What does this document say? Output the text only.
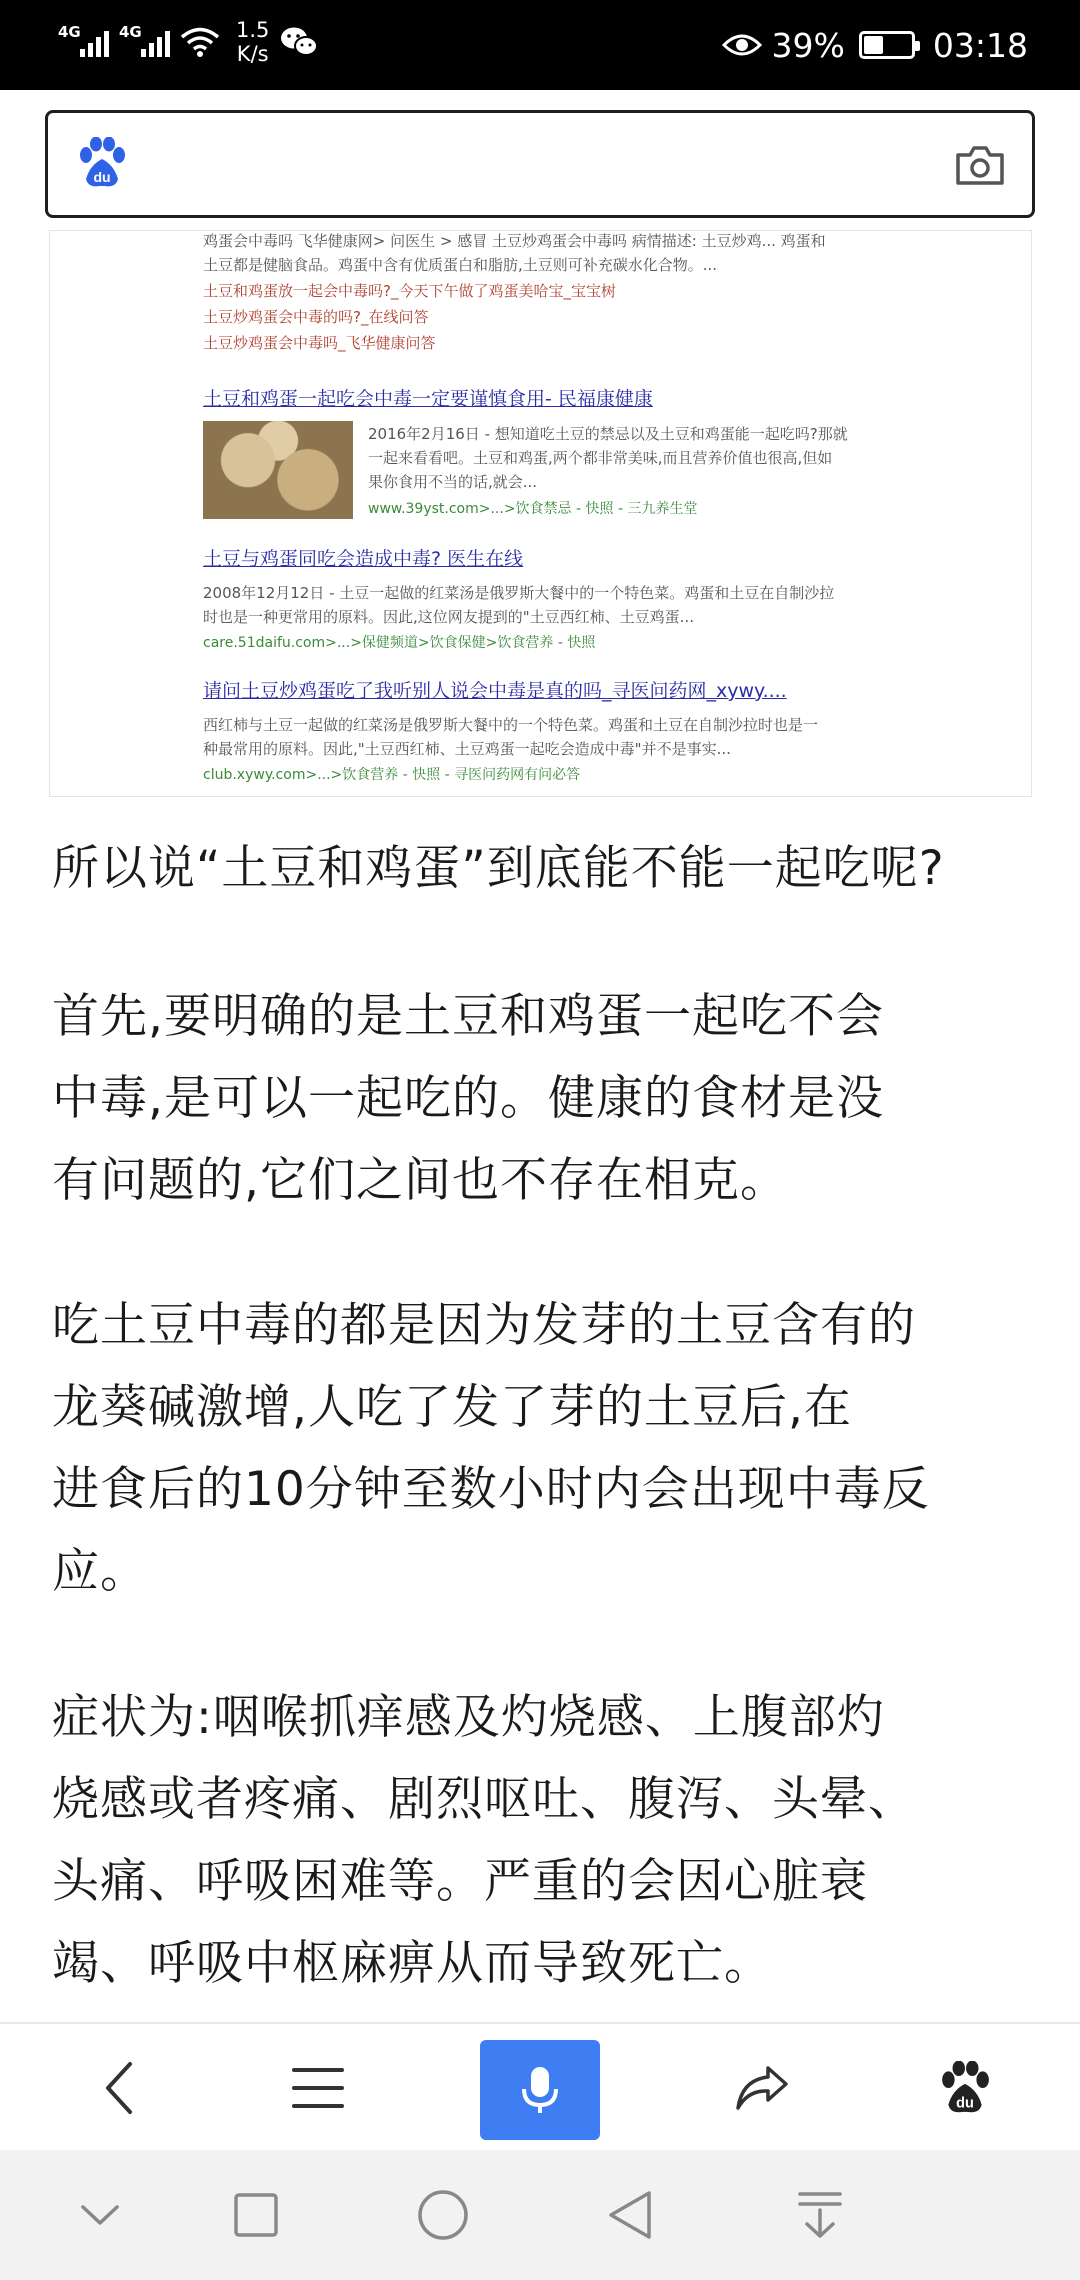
4G	4G	1.5
K/s	39%	03:18
du
鸡蛋会中毒吗 飞华健康网> 问医生 > 感冒 土豆炒鸡蛋会中毒吗 病情描述: 土豆炒鸡... 鸡蛋和
土豆都是健脑食品。鸡蛋中含有优质蛋白和脂肪,土豆则可补充碳水化合物。...
土豆和鸡蛋放一起会中毒吗?_今天下午做了鸡蛋美哈宝_宝宝树
土豆炒鸡蛋会中毒的吗?_在线问答
土豆炒鸡蛋会中毒吗_飞华健康问答
土豆和鸡蛋一起吃会中毒一定要谨慎食用- 民福康健康
2016年2月16日 - 想知道吃土豆的禁忌以及土豆和鸡蛋能一起吃吗?那就
一起来看看吧。土豆和鸡蛋,两个都非常美味,而且营养价值也很高,但如
果你食用不当的话,就会...
www.39yst.com>...>饮食禁忌 - 快照 - 三九养生堂
土豆与鸡蛋同吃会造成中毒? 医生在线
2008年12月12日 - 土豆一起做的红菜汤是俄罗斯大餐中的一个特色菜。鸡蛋和土豆在自制沙拉
时也是一种更常用的原料。因此,这位网友提到的"土豆西红柿、土豆鸡蛋...
care.51daifu.com>...>保健频道>饮食保健>饮食营养 - 快照
请问土豆炒鸡蛋吃了我听别人说会中毒是真的吗_寻医问药网_xywy....
西红柿与土豆一起做的红菜汤是俄罗斯大餐中的一个特色菜。鸡蛋和土豆在自制沙拉时也是一
种最常用的原料。因此,"土豆西红柿、土豆鸡蛋一起吃会造成中毒"并不是事实...
club.xywy.com>...>饮食营养 - 快照 - 寻医问药网有问必答
所以说“土豆和鸡蛋”到底能不能一起吃呢?
首先,要明确的是土豆和鸡蛋一起吃不会
中毒,是可以一起吃的。健康的食材是没
有问题的,它们之间也不存在相克。
吃土豆中毒的都是因为发芽的土豆含有的
龙葵碱激增,人吃了发了芽的土豆后,在
进食后的10分钟至数小时内会出现中毒反
应。
症状为:咽喉抓痒感及灼烧感、上腹部灼
烧感或者疼痛、剧烈呕吐、腹泻、头晕、
头痛、呼吸困难等。严重的会因心脏衰
竭、呼吸中枢麻痹从而导致死亡。
du
